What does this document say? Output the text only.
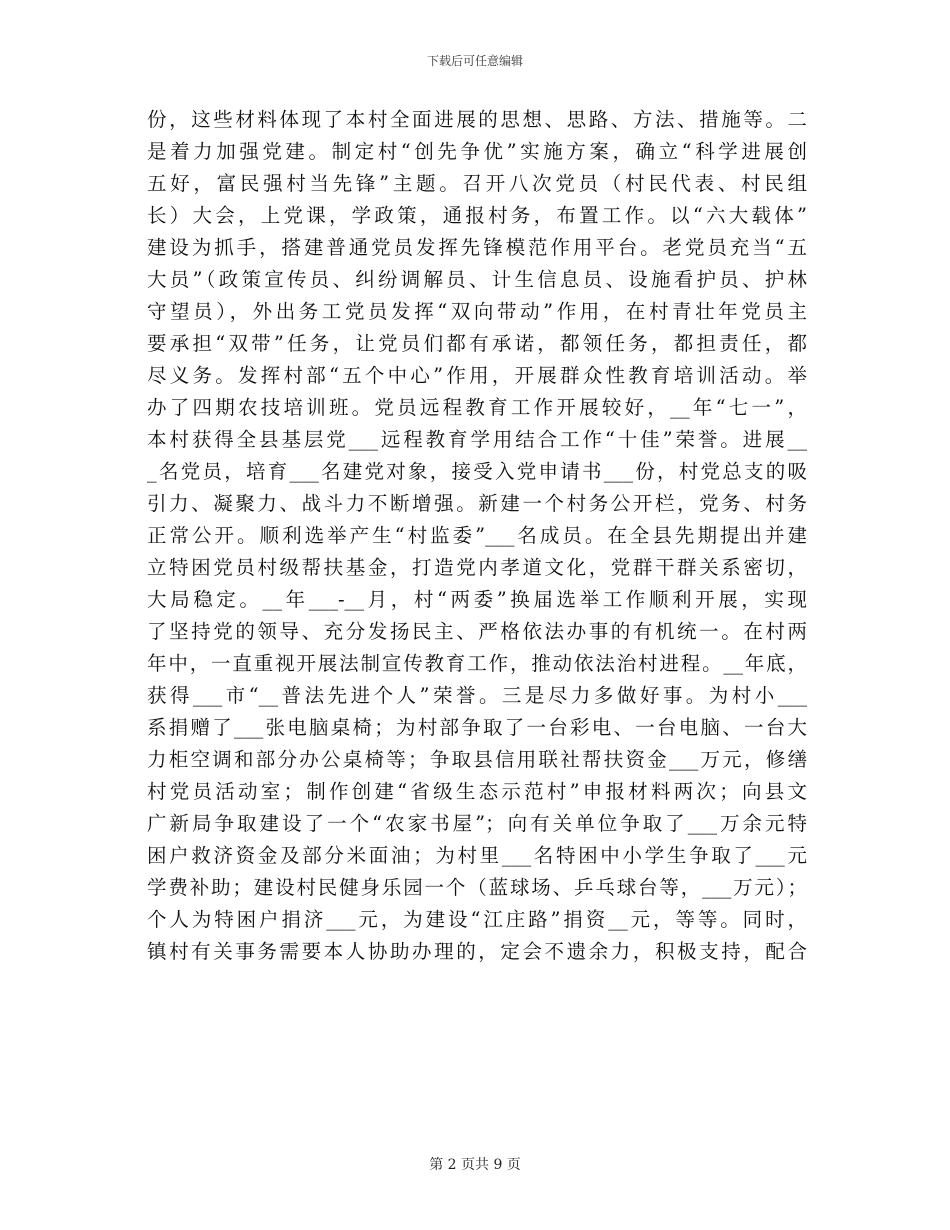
下载后可任意编辑
份，这些材料体现了本村全面进展的思想、思路、方法、措施等。二
是着力加强党建。制定村“创先争优”实施方案，确立“科学进展创
五好，富民强村当先锋”主题。召开八次党员（村民代表、村民组
长）大会，上党课，学政策，通报村务，布置工作。以“六大载体”
建设为抓手，搭建普通党员发挥先锋模范作用平台。老党员充当“五
大员”（政策宣传员、纠纷调解员、计生信息员、设施看护员、护林
守望员），外出务工党员发挥“双向带动”作用，在村青壮年党员主
要承担“双带”任务，让党员们都有承诺，都领任务，都担责任，都
尽义务。发挥村部“五个中心”作用，开展群众性教育培训活动。举
办了四期农技培训班。党员远程教育工作开展较好，__年“七一”，
本村获得全县基层党___远程教育学用结合工作“十佳”荣誉。进展__
_名党员，培育___名建党对象，接受入党申请书___份，村党总支的吸
引力、凝聚力、战斗力不断增强。新建一个村务公开栏，党务、村务
正常公开。顺利选举产生“村监委”___名成员。在全县先期提出并建
立特困党员村级帮扶基金，打造党内孝道文化，党群干群关系密切，
大局稳定。__年___-__月，村“两委”换届选举工作顺利开展，实现
了坚持党的领导、充分发扬民主、严格依法办事的有机统一。在村两
年中，一直重视开展法制宣传教育工作，推动依法治村进程。__年底，
获得___市“__普法先进个人”荣誉。三是尽力多做好事。为村小___
系捐赠了___张电脑桌椅；为村部争取了一台彩电、一台电脑、一台大
力柜空调和部分办公桌椅等；争取县信用联社帮扶资金___万元，修缮
村党员活动室；制作创建“省级生态示范村”申报材料两次；向县文
广新局争取建设了一个“农家书屋”；向有关单位争取了___万余元特
困户救济资金及部分米面油；为村里___名特困中小学生争取了___元
学费补助；建设村民健身乐园一个（蓝球场、乒乓球台等，___万元）；
个人为特困户捐济___元，为建设“江庄路”捐资__元，等等。同时，
镇村有关事务需要本人协助办理的，定会不遗余力，积极支持，配合
第 2 页共 9 页
